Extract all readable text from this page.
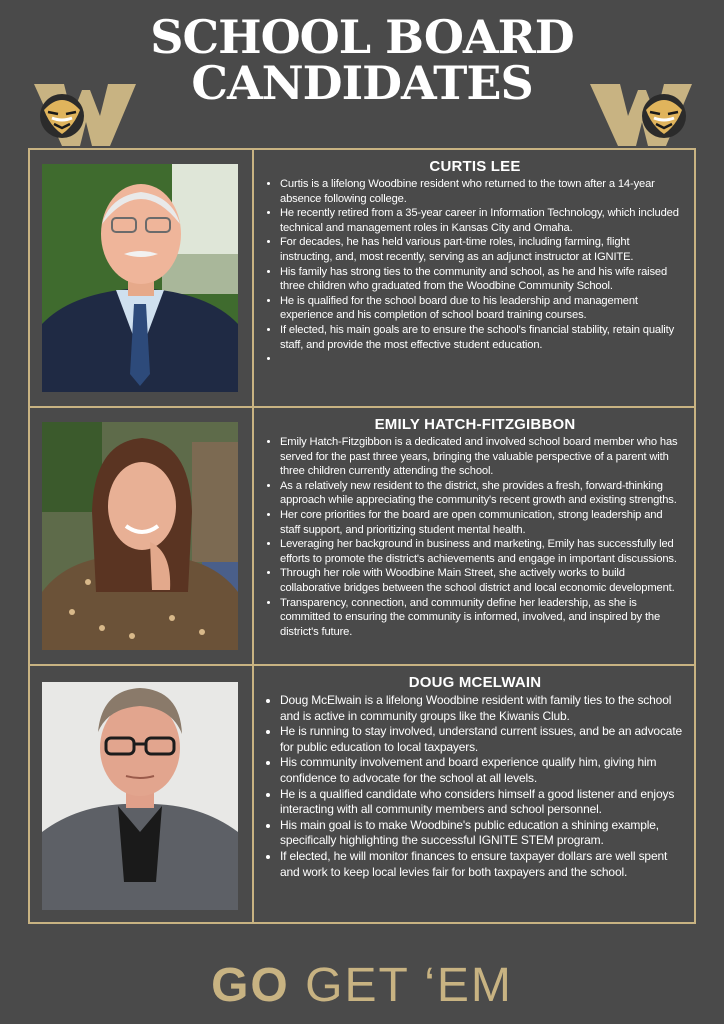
SCHOOL BOARD
CANDIDATES
CURTIS LEE
• Curtis is a lifelong Woodbine resident who returned to the town after a 14-year absence following college.
• He recently retired from a 35-year career in Information Technology, which included technical and management roles in Kansas City and Omaha.
• For decades, he has held various part-time roles, including farming, flight instructing, and, most recently, serving as an adjunct instructor at IGNITE.
• His family has strong ties to the community and school, as he and his wife raised three children who graduated from the Woodbine Community School.
• He is qualified for the school board due to his leadership and management experience and his completion of school board training courses.
• If elected, his main goals are to ensure the school's financial stability, retain quality staff, and provide the most effective student education.
•
EMILY HATCH-FITZGIBBON
• Emily Hatch-Fitzgibbon is a dedicated and involved school board member who has served for the past three years, bringing the valuable perspective of a parent with three children currently attending the school.
• As a relatively new resident to the district, she provides a fresh, forward-thinking approach while appreciating the community's recent growth and existing strengths.
• Her core priorities for the board are open communication, strong leadership and staff support, and prioritizing student mental health.
• Leveraging her background in business and marketing, Emily has successfully led efforts to promote the district's achievements and engage in important discussions.
• Through her role with Woodbine Main Street, she actively works to build collaborative bridges between the school district and local economic development.
• Transparency, connection, and community define her leadership, as she is committed to ensuring the community is informed, involved, and inspired by the district's future.
DOUG MCELWAIN
• Doug McElwain is a lifelong Woodbine resident with family ties to the school and is active in community groups like the Kiwanis Club.
• He is running to stay involved, understand current issues, and be an advocate for public education to local taxpayers.
• His community involvement and board experience qualify him, giving him confidence to advocate for the school at all levels.
• He is a qualified candidate who considers himself a good listener and enjoys interacting with all community members and school personnel.
• His main goal is to make Woodbine's public education a shining example, specifically highlighting the successful IGNITE STEM program.
• If elected, he will monitor finances to ensure taxpayer dollars are well spent and work to keep local levies fair for both taxpayers and the school.
GO GET ‘EM
